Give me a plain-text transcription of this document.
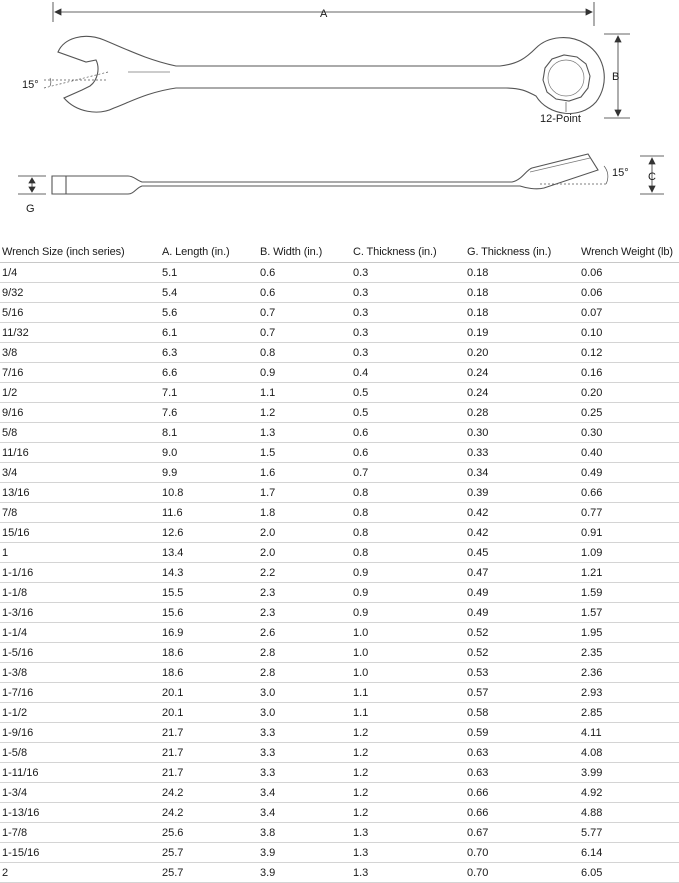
A
15°
B
12-Point
15° C
G
Wrench Size (inch series)	A. Length (in.)	B. Width (in.)	C. Thickness (in.)	G. Thickness (in.)	Wrench Weight (lb)
1/4	5.1	0.6	0.3	0.18	0.06
9/32	5.4	0.6	0.3	0.18	0.06
5/16	5.6	0.7	0.3	0.18	0.07
11/32	6.1	0.7	0.3	0.19	0.10
3/8	6.3	0.8	0.3	0.20	0.12
7/16	6.6	0.9	0.4	0.24	0.16
1/2	7.1	1.1	0.5	0.24	0.20
9/16	7.6	1.2	0.5	0.28	0.25
5/8	8.1	1.3	0.6	0.30	0.30
11/16	9.0	1.5	0.6	0.33	0.40
3/4	9.9	1.6	0.7	0.34	0.49
13/16	10.8	1.7	0.8	0.39	0.66
7/8	11.6	1.8	0.8	0.42	0.77
15/16	12.6	2.0	0.8	0.42	0.91
1	13.4	2.0	0.8	0.45	1.09
1-1/16	14.3	2.2	0.9	0.47	1.21
1-1/8	15.5	2.3	0.9	0.49	1.59
1-3/16	15.6	2.3	0.9	0.49	1.57
1-1/4	16.9	2.6	1.0	0.52	1.95
1-5/16	18.6	2.8	1.0	0.52	2.35
1-3/8	18.6	2.8	1.0	0.53	2.36
1-7/16	20.1	3.0	1.1	0.57	2.93
1-1/2	20.1	3.0	1.1	0.58	2.85
1-9/16	21.7	3.3	1.2	0.59	4.11
1-5/8	21.7	3.3	1.2	0.63	4.08
1-11/16	21.7	3.3	1.2	0.63	3.99
1-3/4	24.2	3.4	1.2	0.66	4.92
1-13/16	24.2	3.4	1.2	0.66	4.88
1-7/8	25.6	3.8	1.3	0.67	5.77
1-15/16	25.7	3.9	1.3	0.70	6.14
2	25.7	3.9	1.3	0.70	6.05
